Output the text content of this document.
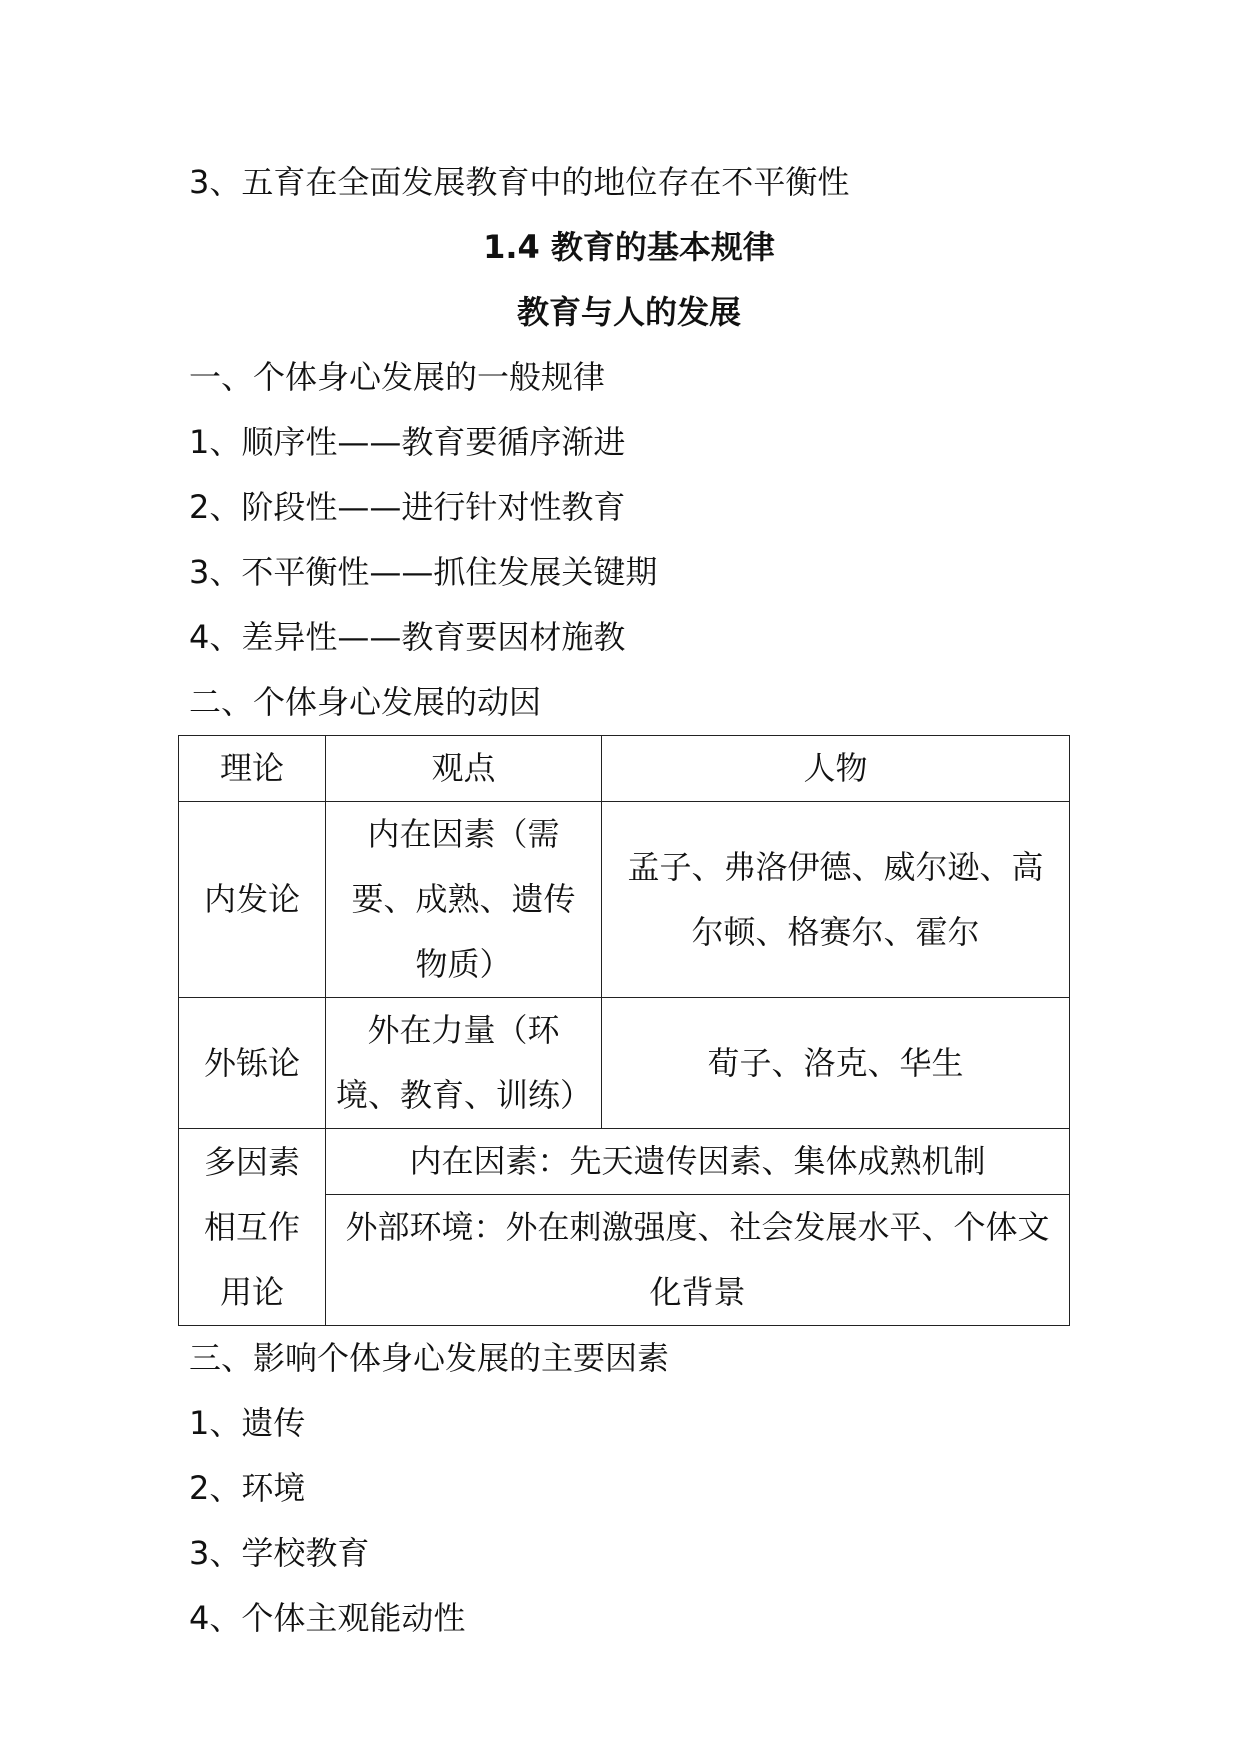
3、五育在全面发展教育中的地位存在不平衡性
1.4 教育的基本规律
教育与人的发展
一、个体身心发展的一般规律
1、顺序性——教育要循序渐进
2、阶段性——进行针对性教育
3、不平衡性——抓住发展关键期
4、差异性——教育要因材施教
二、个体身心发展的动因
理论	观点	人物
内发论	内在因素（需要、成熟、遗传物质）	孟子、弗洛伊德、威尔逊、高尔顿、格赛尔、霍尔
外铄论	外在力量（环境、教育、训练）	荀子、洛克、华生
多因素相互作用论	内在因素：先天遗传因素、集体成熟机制	
	外部环境：外在刺激强度、社会发展水平、个体文化背景	
三、影响个体身心发展的主要因素
1、遗传
2、环境
3、学校教育
4、个体主观能动性
